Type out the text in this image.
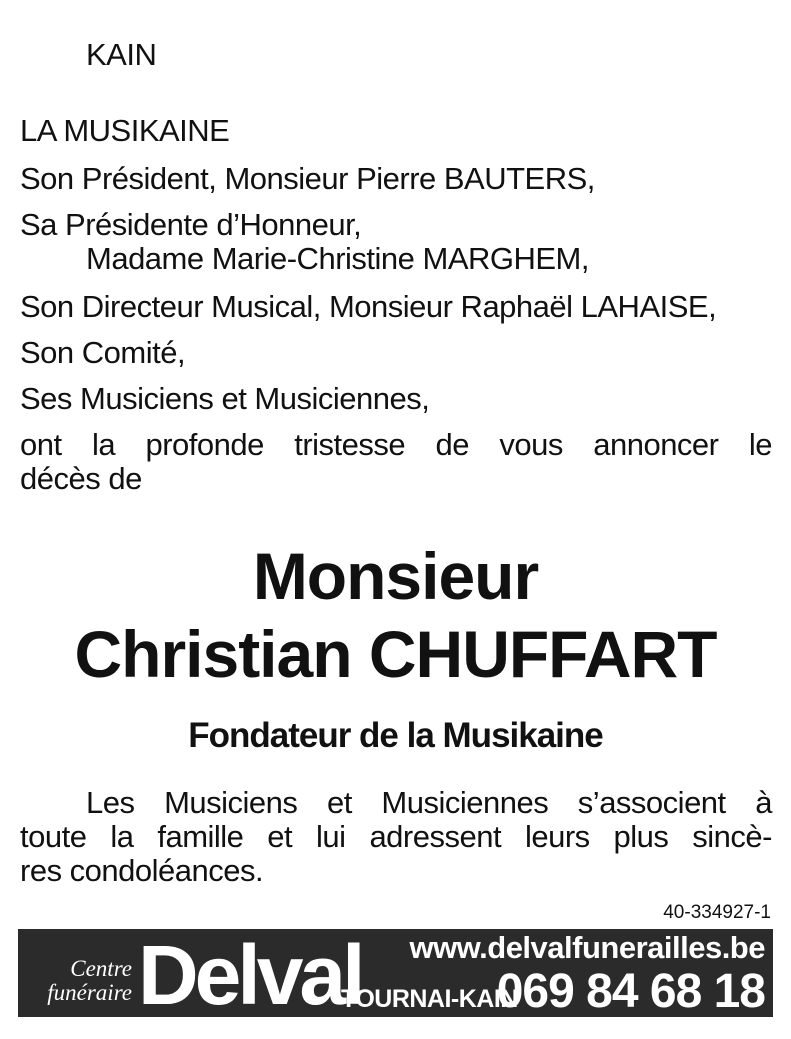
KAIN
LA MUSIKAINE
Son Président, Monsieur Pierre BAUTERS,
Sa Présidente d’Honneur,
Madame Marie-Christine MARGHEM,
Son Directeur Musical, Monsieur Raphaël LAHAISE,
Son Comité,
Ses Musiciens et Musiciennes,
ont la profonde tristesse de vous annoncer le
décès de
Monsieur
Christian CHUFFART
Fondateur de la Musikaine
Les Musiciens et Musiciennes s’associent à
toute la famille et lui adressent leurs plus sincè-
res condoléances.
40-334927-1
Centre
funéraire Delval www.delvalfunerailles.be
TOURNAI-KAIN
069 84 68 18
